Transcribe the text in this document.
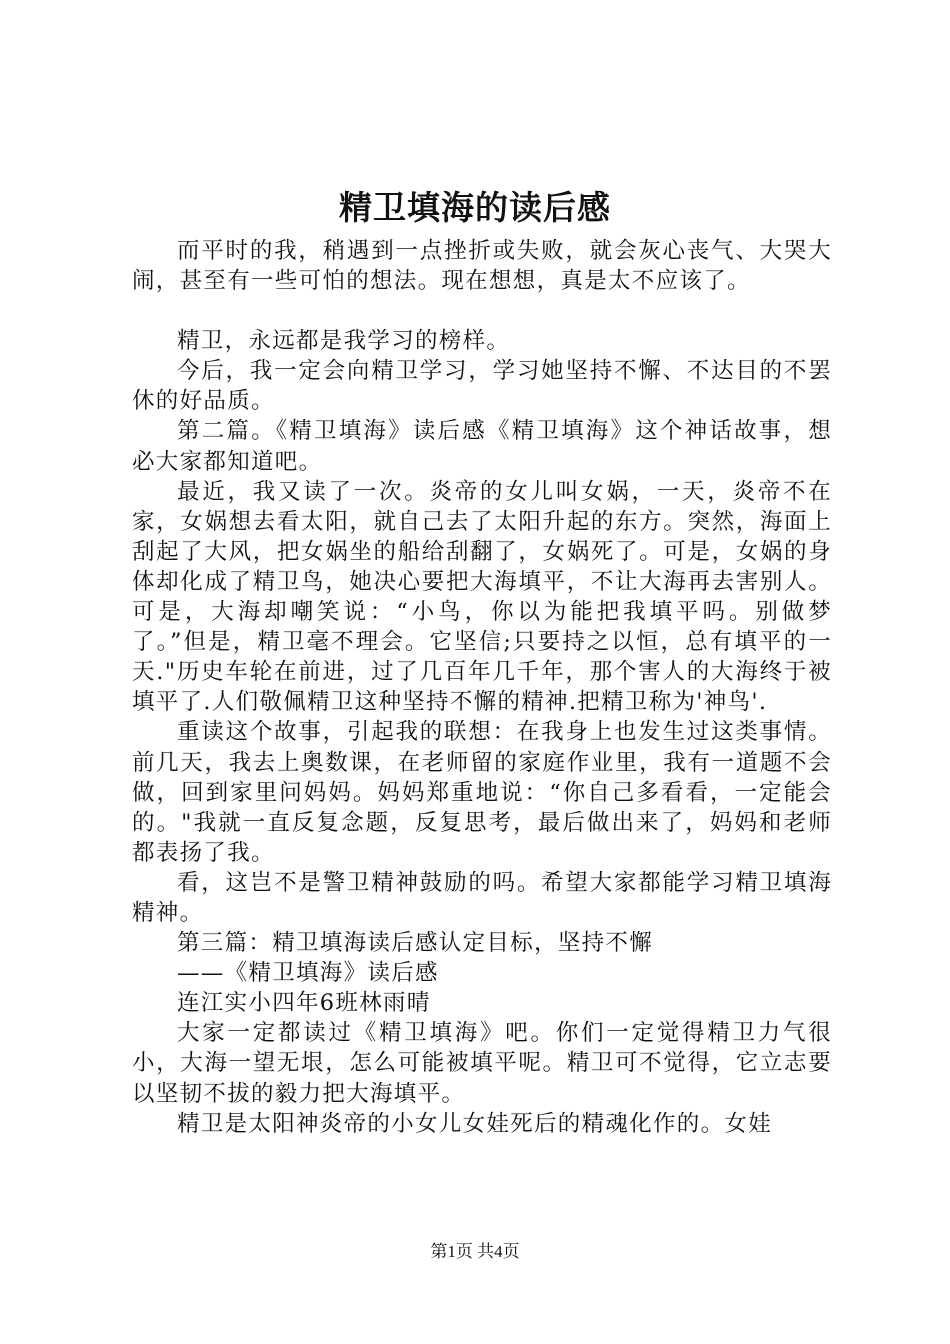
精卫填海的读后感

而平时的我，稍遇到一点挫折或失败，就会灰心丧气、大哭大闹，甚至有一些可怕的想法。现在想想，真是太不应该了。

精卫，永远都是我学习的榜样。

今后，我一定会向精卫学习，学习她坚持不懈、不达目的不罢休的好品质。

第二篇。《精卫填海》读后感《精卫填海》这个神话故事，想必大家都知道吧。

最近，我又读了一次。炎帝的女儿叫女娲，一天，炎帝不在家，女娲想去看太阳，就自己去了太阳升起的东方。突然，海面上刮起了大风，把女娲坐的船给刮翻了，女娲死了。可是，女娲的身体却化成了精卫鸟，她决心要把大海填平，不让大海再去害别人。可是，大海却嘲笑说：“小鸟，你以为能把我填平吗。别做梦了。”但是，精卫毫不理会。它坚信;只要持之以恒，总有填平的一天."历史车轮在前进，过了几百年几千年，那个害人的大海终于被填平了.人们敬佩精卫这种坚持不懈的精神.把精卫称为'神鸟'.

重读这个故事，引起我的联想：在我身上也发生过这类事情。前几天，我去上奥数课，在老师留的家庭作业里，我有一道题不会做，回到家里问妈妈。妈妈郑重地说：“你自己多看看，一定能会的。"我就一直反复念题，反复思考，最后做出来了，妈妈和老师都表扬了我。

看，这岂不是警卫精神鼓励的吗。希望大家都能学习精卫填海精神。

第三篇：精卫填海读后感认定目标，坚持不懈

——《精卫填海》读后感

连江实小四年6班林雨晴

大家一定都读过《精卫填海》吧。你们一定觉得精卫力气很小，大海一望无垠，怎么可能被填平呢。精卫可不觉得，它立志要以坚韧不拔的毅力把大海填平。

精卫是太阳神炎帝的小女儿女娃死后的精魂化作的。女娃

第1页 共4页
